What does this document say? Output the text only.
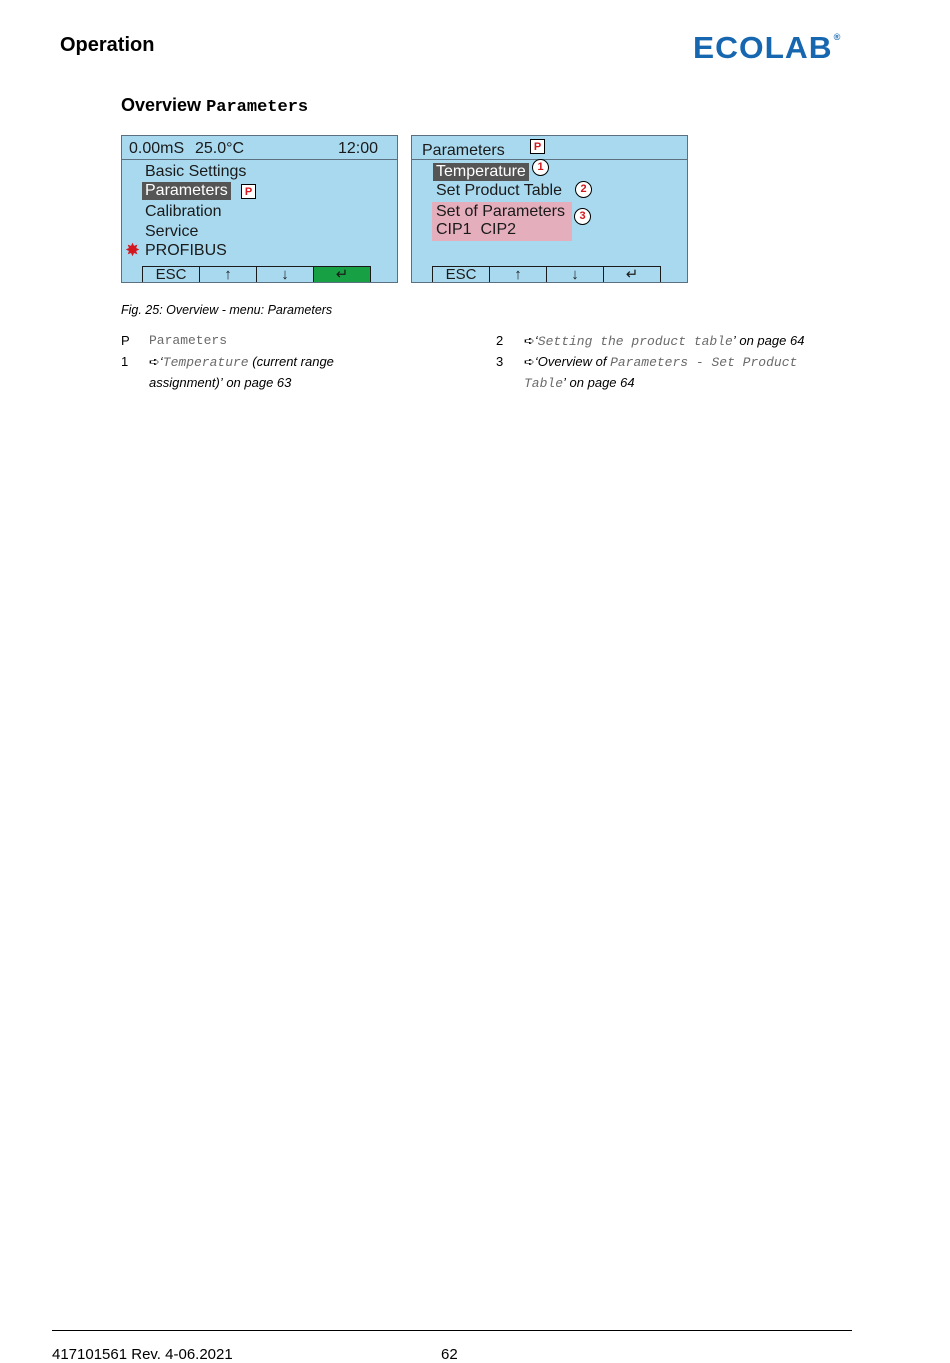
Operation	ECOLAB®
Overview Parameters
0.00mS 25.0°C	12:00
Basic Settings
Parameters	P
Calibration
Service
✸ PROFIBUS
ESC	↑	↓	↵
Parameters	P
Temperature	1
Set Product Table	2
Set of Parameters	3
CIP1  CIP2
ESC	↑	↓	↵
Fig. 25: Overview - menu: Parameters
P Parameters
1 ➪‘Temperature (current range assignment)’ on page 63
2 ➪‘Setting the product table’ on page 64
3 ➪‘Overview of Parameters - Set Product Table’ on page 64
417101561 Rev. 4-06.2021	62
